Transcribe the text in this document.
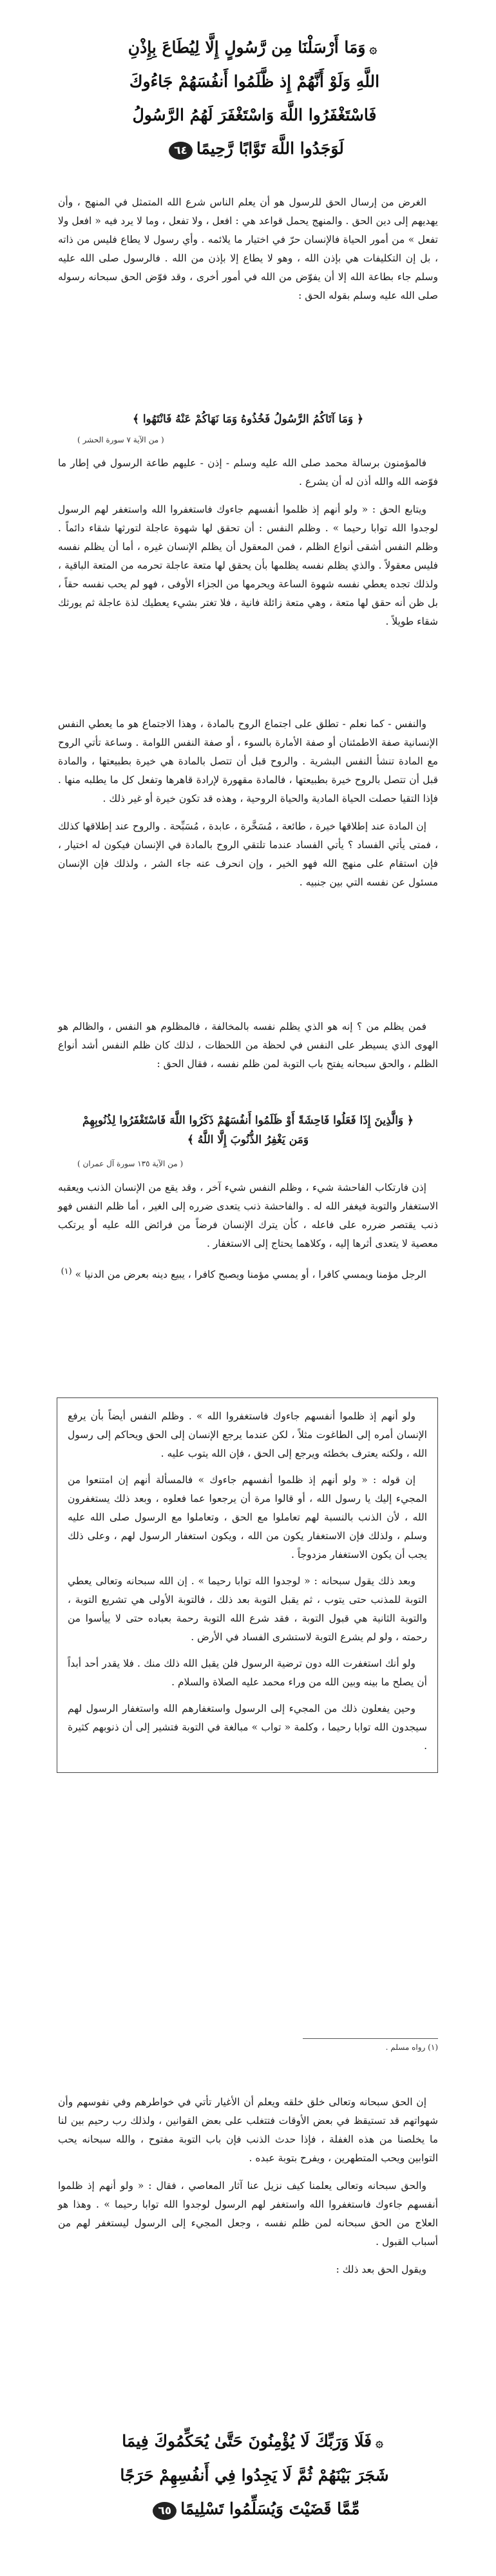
۞وَمَا أَرْسَلْنَا مِن رَّسُولٍ إِلَّا لِيُطَاعَ بِإِذْنِ

اللَّهِ وَلَوْ أَنَّهُمْ إِذ ظَّلَمُوا أَنفُسَهُمْ جَاءُوكَ

فَاسْتَغْفَرُوا اللَّهَ وَاسْتَغْفَرَ لَهُمُ الرَّسُولُ

لَوَجَدُوا اللَّهَ تَوَّابًا رَّحِيمًا٦٤

الغرض من إرسال الحق للرسول هو أن يعلم الناس شرع الله المتمثل في المنهج ، وأن يهديهم إلى دين الحق . والمنهج يحمل قواعد هي : افعل ، ولا تفعل ، وما لا يرد فيه « افعل ولا تفعل » من أمور الحياة فالإنسان حرّ في اختيار ما يلائمه . وأي رسول لا يطاع فليس من ذاته ، بل إن التكليفات هي بإذن الله ، وهو لا يطاع إلا بإذن من الله . فالرسول صلى الله عليه وسلم جاء بطاعة الله إلا أن يفوّض من الله في أمور أخرى ، وقد فوّض الحق سبحانه رسوله صلى الله عليه وسلم بقوله الحق :

﴿ وَمَا آتَاكُمُ الرَّسُولُ فَخُذُوهُ وَمَا نَهَاكُمْ عَنْهُ فَانْتَهُوا ﴾
( من الآية ٧ سورة الحشر )

فالمؤمنون برسالة محمد صلى الله عليه وسلم - إذن - عليهم طاعة الرسول في إطار ما فوّضه الله والله أذن له أن يشرع .

ويتابع الحق : « ولو أنهم إذ ظلموا أنفسهم جاءوك فاستغفروا الله واستغفر لهم الرسول لوجدوا الله توابا رحيما » . وظلم النفس : أن تحقق لها شهوة عاجلة لتورثها شقاء دائماً . وظلم النفس أشقى أنواع الظلم ، فمن المعقول أن يظلم الإنسان غيره ، أما أن يظلم نفسه فليس معقولاً . والذي يظلم نفسه يظلمها بأن يحقق لها متعة عاجلة تحرمه من المتعة الباقية ، ولذلك تجده يعطي نفسه شهوة الساعة ويحرمها من الجزاء الأوفى ، فهو لم يحب نفسه حقاً ، بل ظن أنه حقق لها متعة ، وهي متعة زائلة فانية ، فلا تغتر بشيء يعطيك لذة عاجلة ثم يورثك شقاء طويلاً .

والنفس - كما نعلم - تطلق على اجتماع الروح بالمادة ، وهذا الاجتماع هو ما يعطي النفس الإنسانية صفة الاطمئنان أو صفة الأمارة بالسوء ، أو صفة النفس اللوامة . وساعة تأتي الروح مع المادة تنشأ النفس البشرية . والروح قبل أن تتصل بالمادة هي خيرة بطبيعتها ، والمادة قبل أن تتصل بالروح خيرة بطبيعتها ، فالمادة مقهورة لإرادة قاهرها وتفعل كل ما يطلبه منها . فإذا التقيا حصلت الحياة المادية والحياة الروحية ، وهذه قد تكون خيرة أو غير ذلك .

إن المادة عند إطلاقها خيرة ، طائعة ، مُسَخَّرة ، عابدة ، مُسَبِّحة . والروح عند إطلاقها كذلك ، فمتى يأتي الفساد ؟ يأتي الفساد عندما تلتقي الروح بالمادة في الإنسان فيكون له اختيار ، فإن استقام على منهج الله فهو الخير ، وإن انحرف عنه جاء الشر ، ولذلك فإن الإنسان مسئول عن نفسه التي بين جنبيه .

فمن يظلم من ؟ إنه هو الذي يظلم نفسه بالمخالفة ، فالمظلوم هو النفس ، والظالم هو الهوى الذي يسيطر على النفس في لحظة من اللحظات ، لذلك كان ظلم النفس أشد أنواع الظلم ، والحق سبحانه يفتح باب التوبة لمن ظلم نفسه ، فقال الحق :

﴿ وَالَّذِينَ إِذَا فَعَلُوا فَاحِشَةً أَوْ ظَلَمُوا أَنفُسَهُمْ ذَكَرُوا اللَّهَ فَاسْتَغْفَرُوا لِذُنُوبِهِمْ وَمَن يَغْفِرُ الذُّنُوبَ إِلَّا اللَّهُ ﴾
( من الآية ١٣٥ سورة آل عمران )

إذن فارتكاب الفاحشة شيء ، وظلم النفس شيء آخر ، وقد يقع من الإنسان الذنب ويعقبه الاستغفار والتوبة فيغفر الله له . والفاحشة ذنب يتعدى ضرره إلى الغير ، أما ظلم النفس فهو ذنب يقتصر ضرره على فاعله ، كأن يترك الإنسان فرضاً من فرائض الله عليه أو يرتكب معصية لا يتعدى أثرها إليه ، وكلاهما يحتاج إلى الاستغفار .

الرجل مؤمنا ويمسي كافرا ، أو يمسي مؤمنا ويصبح كافرا ، يبيع دينه بعرض من الدنيا » $^{(١)}$

ولو أنهم إذ ظلموا أنفسهم جاءوك فاستغفروا الله » . وظلم النفس أيضاً بأن يرفع الإنسان أمره إلى الطاغوت مثلاً ، لكن عندما يرجع الإنسان إلى الحق ويحاكم إلى رسول الله ، ولكنه يعترف بخطئه ويرجع إلى الحق ، فإن الله يتوب عليه .

إن قوله : « ولو أنهم إذ ظلموا أنفسهم جاءوك » فالمسألة أنهم إن امتنعوا من المجيء إليك يا رسول الله ، أو قالوا مرة أن يرجعوا عما فعلوه ، وبعد ذلك يستغفرون الله ، لأن الذنب بالنسبة لهم تعاملوا مع الحق ، وتعاملوا مع الرسول صلى الله عليه وسلم ، ولذلك فإن الاستغفار يكون من الله ، ويكون استغفار الرسول لهم ، وعلى ذلك يجب أن يكون الاستغفار مزدوجاً .

وبعد ذلك يقول سبحانه : « لوجدوا الله توابا رحيما » . إن الله سبحانه وتعالى يعطي التوبة للمذنب حتى يتوب ، ثم يقبل التوبة بعد ذلك ، فالتوبة الأولى هي تشريع التوبة ، والتوبة الثانية هي قبول التوبة ، فقد شرع الله التوبة رحمة بعباده حتى لا ييأسوا من رحمته ، ولو لم يشرع التوبة لاستشرى الفساد في الأرض .

ولو أنك استغفرت الله دون ترضية الرسول فلن يقبل الله ذلك منك . فلا يقدر أحد أبداً أن يصلح ما بينه وبين الله من وراء محمد عليه الصلاة والسلام .

وحين يفعلون ذلك من المجيء إلى الرسول واستغفارهم الله واستغفار الرسول لهم سيجدون الله توابا رحيما ، وكلمة « تواب » مبالغة في التوبة فتشير إلى أن ذنوبهم كثيرة .

(١) رواه مسلم .

إن الحق سبحانه وتعالى خلق خلقه ويعلم أن الأغيار تأتي في خواطرهم وفي نفوسهم وأن شهواتهم قد تستيقظ في بعض الأوقات فتتغلب على بعض القوانين ، ولذلك رب رحيم بين لنا ما يخلصنا من هذه الغفلة ، فإذا حدث الذنب فإن باب التوبة مفتوح ، والله سبحانه يحب التوابين ويحب المتطهرين ، ويفرح بتوبة عبده .

والحق سبحانه وتعالى يعلمنا كيف نزيل عنا آثار المعاصي ، فقال : « ولو أنهم إذ ظلموا أنفسهم جاءوك فاستغفروا الله واستغفر لهم الرسول لوجدوا الله توابا رحيما » . وهذا هو العلاج من الحق سبحانه لمن ظلم نفسه ، وجعل المجيء إلى الرسول ليستغفر لهم من أسباب القبول .

ويقول الحق بعد ذلك :

۞فَلَا وَرَبِّكَ لَا يُؤْمِنُونَ حَتَّىٰ يُحَكِّمُوكَ فِيمَا

شَجَرَ بَيْنَهُمْ ثُمَّ لَا يَجِدُوا فِي أَنفُسِهِمْ حَرَجًا

مِّمَّا قَضَيْتَ وَيُسَلِّمُوا تَسْلِيمًا٦٥
